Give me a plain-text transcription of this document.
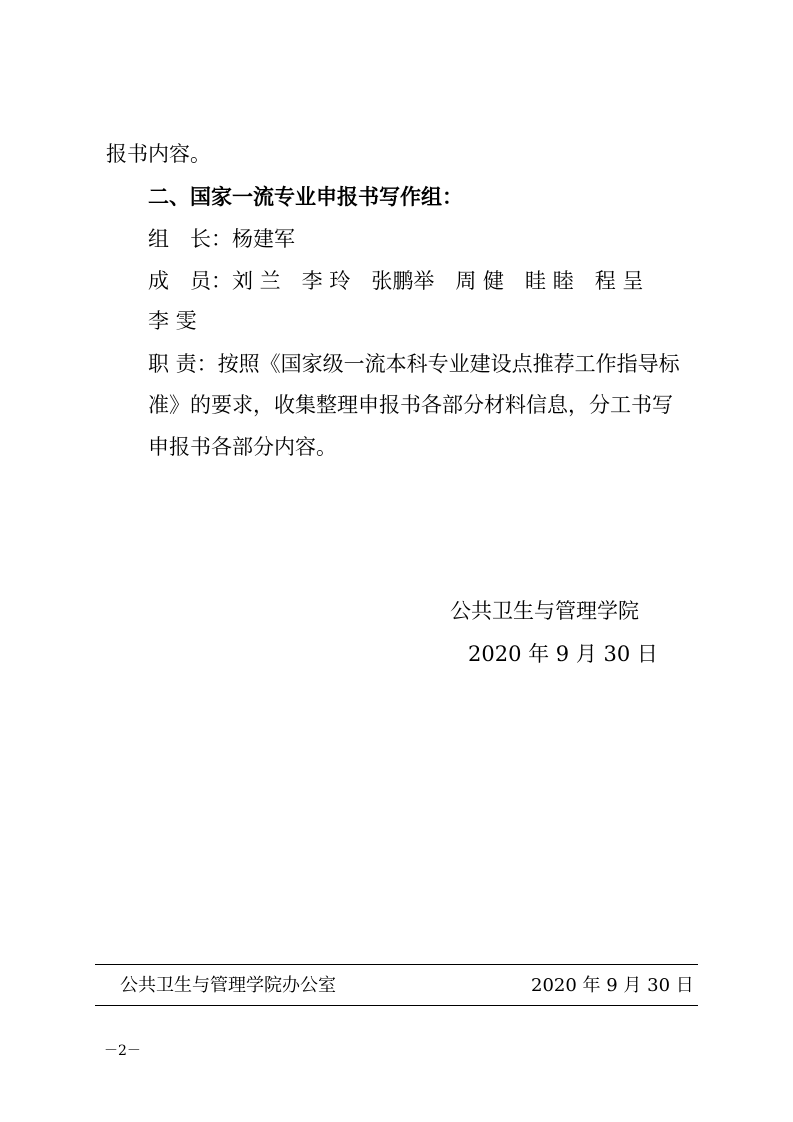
报书内容。

二、国家一流专业申报书写作组：

组　长：杨建军

成　员：刘 兰　李 玲　张鹏举　周 健　眭 睦　程 呈

李 雯

职 责：按照《国家级一流本科专业建设点推荐工作指导标

准》的要求，收集整理申报书各部分材料信息，分工书写

申报书各部分内容。

公共卫生与管理学院

2020 年 9 月 30 日

公共卫生与管理学院办公室	2020 年 9 月 30 日
－2－
